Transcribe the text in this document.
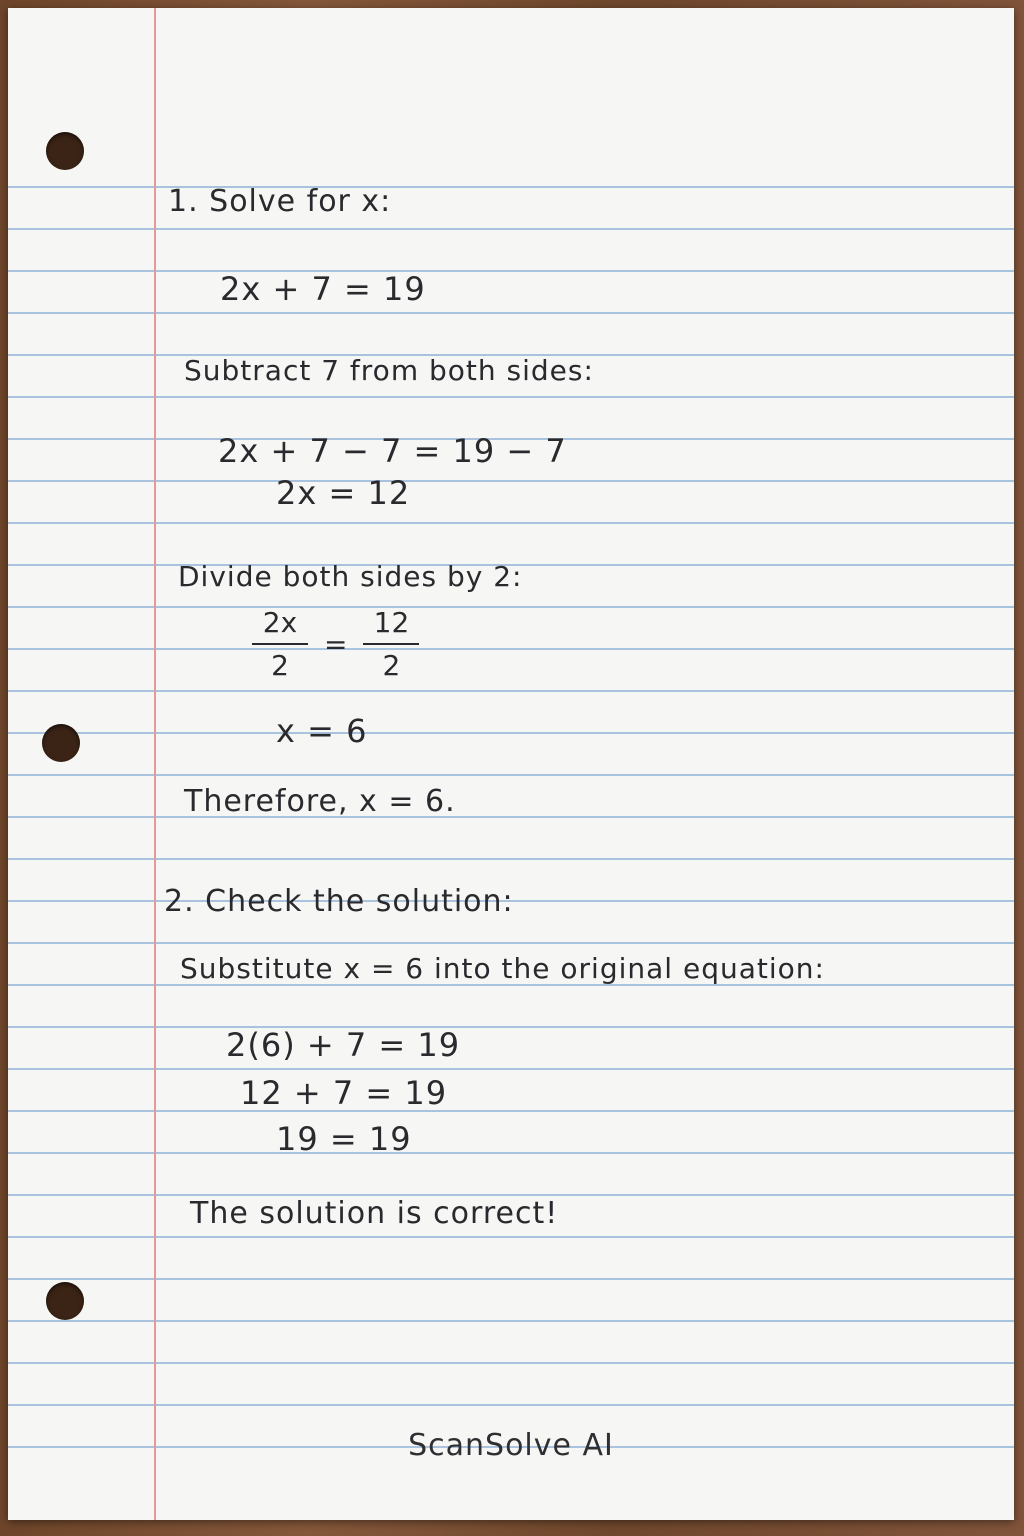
1. Solve for x:
2x + 7 = 19
Subtract 7 from both sides:
2x + 7 − 7 = 19 − 7
2x = 12
Divide both sides by 2:
$\frac{2x}{2} = \frac{12}{2}$
x = 6
Therefore, x = 6.
2. Check the solution:
Substitute x = 6 into the original equation:
2(6) + 7 = 19
12 + 7 = 19
19 = 19
The solution is correct!
ScanSolve AI
